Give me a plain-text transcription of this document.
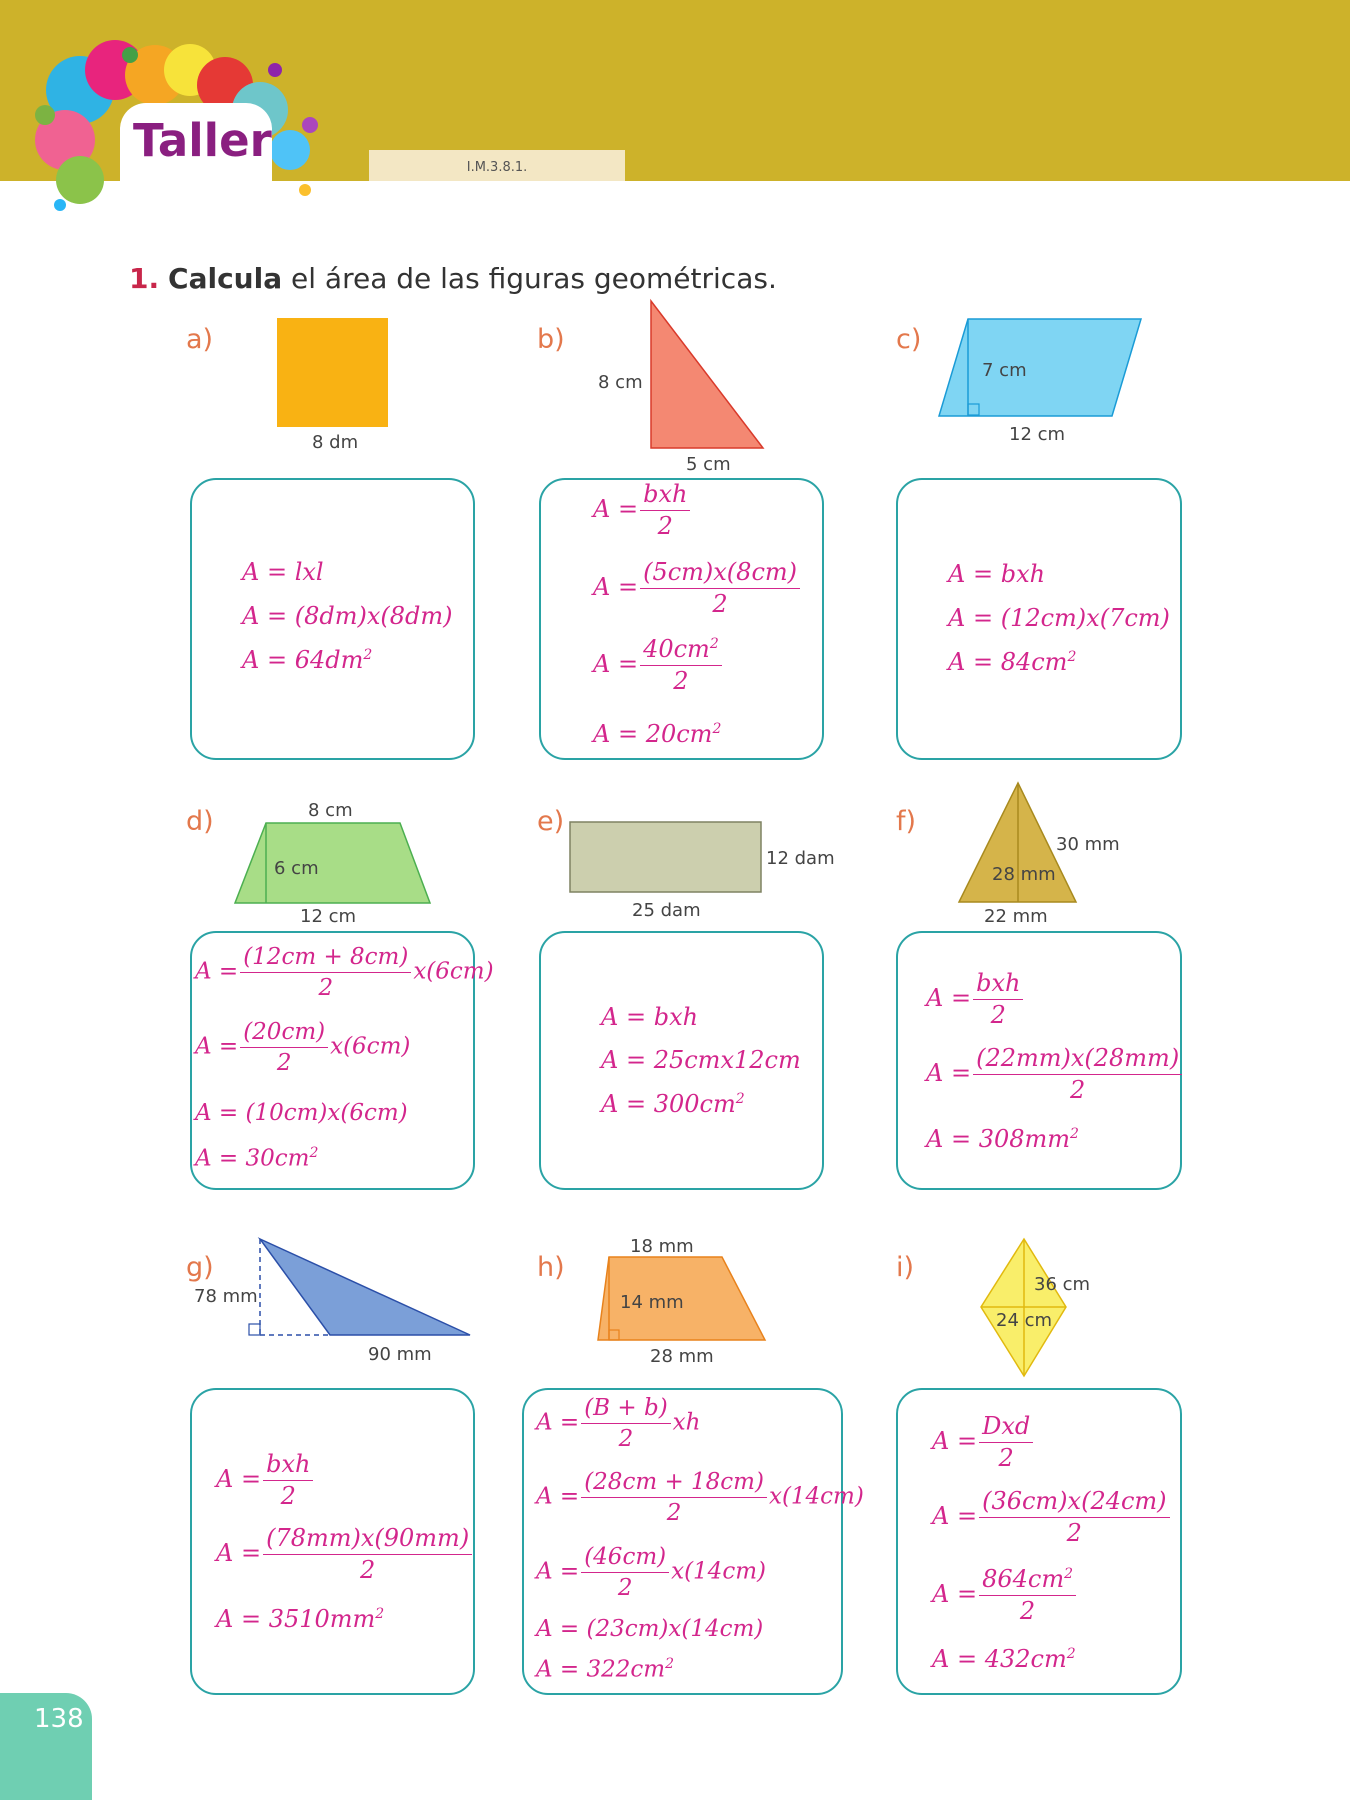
I.M.3.8.1.
Taller
1. Calcula el área de las figuras geométricas.
a)
8 dm
A = lxl
A = (8dm)x(8dm)
$A = 64dm^2$
b)
8 cm
5 cm
A =
bxh
2
$A = \frac{(5cm)x(8cm)}{2}$
$A = \frac{40cm^2}{2}$
$A = 20cm^2$
c)
7 cm
12 cm
A = bxh
A = (12cm)x(7cm)
$A = 84cm^2$
d)	8 cm
6 cm
12 cm
$A = \frac{(12cm + 8cm)}{2} x(6cm)$
$A = \frac{(20cm)}{2} x(6cm)$
A = (10cm)x(6cm)
$A = 30cm^2$
e)
12 dam
25 dam
A = bxh
A = 25cmx12cm
$A = 300cm^2$
f)
30 mm
28 mm
22 mm
A =
bxh
2
$A = \frac{(22mm)x(28mm)}{2}$
$A = 308mm^2$
g)
78 mm
90 mm
A =
bxh
2
$A = \frac{(78mm)x(90mm)}{2}$
$A = 3510mm^2$
h)
18 mm
14 mm
28 mm
$A = \frac{(B + b)}{2}$ xh
$A = \frac{(28cm + 18cm)}{2} x(14cm)$
$A = \frac{(46cm)}{2} x(14cm)$
A = (23cm)x(14cm)
$A = 322cm^2$
i)
36 cm
24 cm
A =
Dxd
2
$A = \frac{(36cm)x(24cm)}{2}$
$A = \frac{864cm^2}{2}$
$A = 432cm^2$
138
